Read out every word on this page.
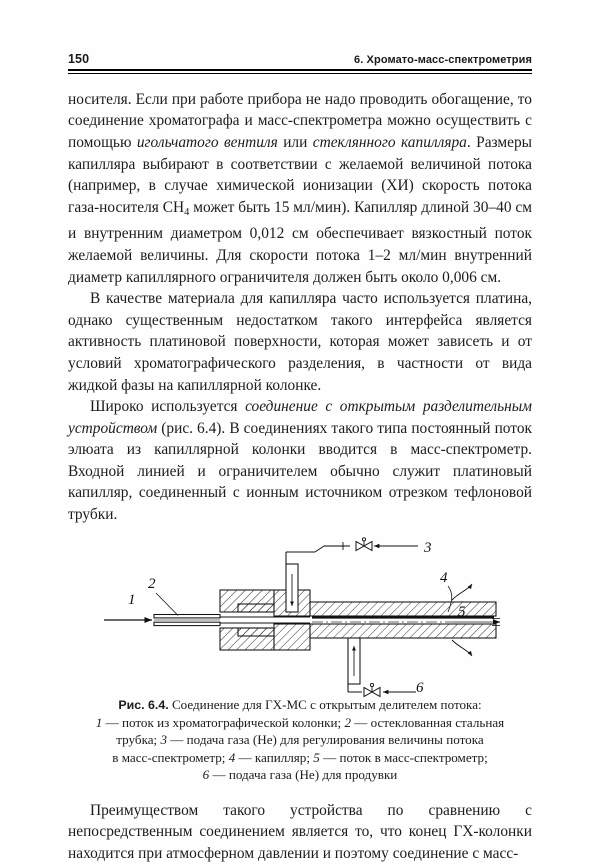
150	6. Хромато-масс-спектрометрия

носителя. Если при работе прибора не надо проводить обогащение, то соединение хроматографа и масс-спектрометра можно осуществить с помощью игольчатого вентиля или стеклянного капилляра. Размеры капилляра выбирают в соответствии с желаемой величиной потока (например, в случае химической ионизации (ХИ) скорость потока газа-носителя $CH_4$ может быть 15 мл/мин). Капилляр длиной 30–40 см и внутренним диаметром 0,012 см обеспечивает вязкостный поток желаемой величины. Для скорости потока 1–2 мл/мин внутренний диаметр капиллярного ограничителя должен быть около 0,006 см.

В качестве материала для капилляра часто используется платина, однако существенным недостатком такого интерфейса является активность платиновой поверхности, которая может зависеть и от условий хроматографического разделения, в частности от вида жидкой фазы на капиллярной колонке.

Широко используется соединение с открытым разделительным устройством (рис. 6.4). В соединениях такого типа постоянный поток элюата из капиллярной колонки вводится в масс-спектрометр. Входной линией и ограничителем обычно служит платиновый капилляр, соединенный с ионным источником отрезком тефлоновой трубки.

1
2
3
4
5
6
Рис. 6.4. Соединение для ГХ-МС с открытым делителем потока:
1 — поток из хроматографической колонки; 2 — остеклованная стальная
трубка; 3 — подача газа (He) для регулирования величины потока
в масс-спектрометр; 4 — капилляр; 5 — поток в масс-спектрометр;
6 — подача газа (He) для продувки

Преимуществом такого устройства по сравнению с непосредственным соединением является то, что конец ГХ-колонки находится при атмосферном давлении и поэтому соединение с масс-
